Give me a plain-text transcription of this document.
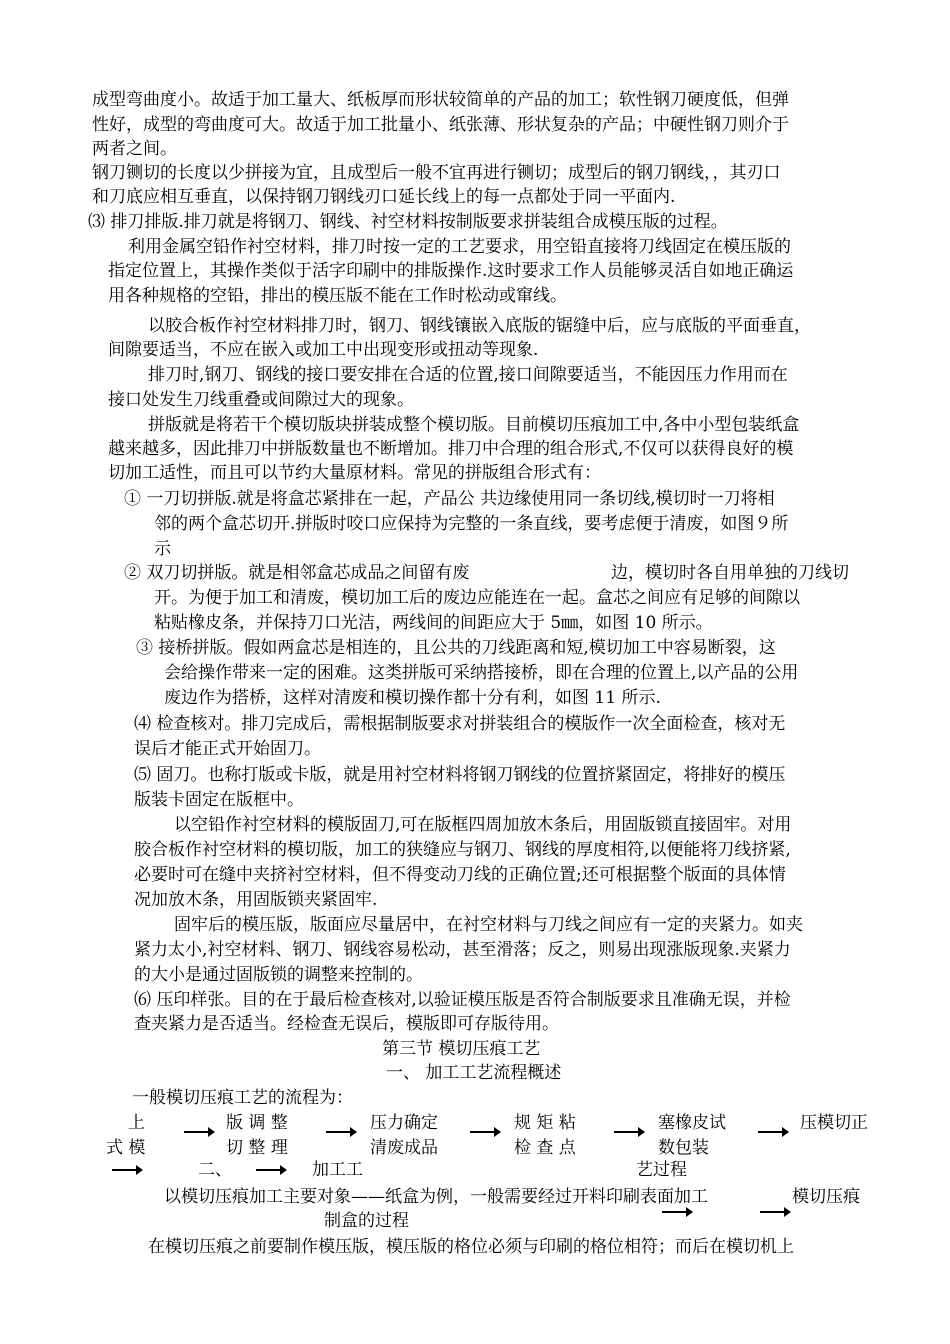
成型弯曲度小。故适于加工量大、纸板厚而形状较简单的产品的加工；软性钢刀硬度低，但弹
性好，成型的弯曲度可大。故适于加工批量小、纸张薄、形状复杂的产品；中硬性钢刀则介于
两者之间。
钢刀铡切的长度以少拼接为宜，且成型后一般不宜再进行铡切；成型后的钢刀钢线，，其刃口
和刀底应相互垂直，以保持钢刀钢线刃口延长线上的每一点都处于同一平面内.
⑶ 排刀排版.排刀就是将钢刀、钢线、衬空材料按制版要求拼装组合成模压版的过程。
利用金属空铅作衬空材料，排刀时按一定的工艺要求，用空铅直接将刀线固定在模压版的
指定位置上，其操作类似于活字印刷中的排版操作.这时要求工作人员能够灵活自如地正确运
用各种规格的空铅，排出的模压版不能在工作时松动或窜线。
以胶合板作衬空材料排刀时，钢刀、钢线镶嵌入底版的锯缝中后，应与底版的平面垂直，
间隙要适当，不应在嵌入或加工中出现变形或扭动等现象.
排刀时,钢刀、钢线的接口要安排在合适的位置,接口间隙要适当，不能因压力作用而在
接口处发生刀线重叠或间隙过大的现象。
拼版就是将若干个模切版块拼装成整个模切版。目前模切压痕加工中,各中小型包装纸盒
越来越多，因此排刀中拼版数量也不断增加。排刀中合理的组合形式,不仅可以获得良好的模
切加工适性，而且可以节约大量原材料。常见的拼版组合形式有：
① 一刀切拼版.就是将盒芯紧排在一起，产品公 共边缘使用同一条切线,模切时一刀将相
邻的两个盒芯切开.拼版时咬口应保持为完整的一条直线，要考虑便于清废，如图９所
示
② 双刀切拼版。就是相邻盒芯成品之间留有废	边，模切时各自用单独的刀线切
开。为便于加工和清废，模切加工后的废边应能连在一起。盒芯之间应有足够的间隙以
粘贴橡皮条，并保持刀口光洁，两线间的间距应大于 5㎜，如图 10 所示。
③ 接桥拼版。假如两盒芯是相连的，且公共的刀线距离和短,模切加工中容易断裂，这
会给操作带来一定的困难。这类拼版可采纳搭接桥，即在合理的位置上,以产品的公用
废边作为搭桥，这样对清废和模切操作都十分有利，如图 11 所示.
⑷ 检查核对。排刀完成后，需根据制版要求对拼装组合的模版作一次全面检查，核对无
误后才能正式开始固刀。
⑸ 固刀。也称打版或卡版，就是用衬空材料将钢刀钢线的位置挤紧固定，将排好的模压
版装卡固定在版框中。
以空铅作衬空材料的模版固刀,可在版框四周加放木条后，用固版锁直接固牢。对用
胶合板作衬空材料的模切版，加工的狭缝应与钢刀、钢线的厚度相符,以便能将刀线挤紧,
必要时可在缝中夹挤衬空材料，但不得变动刀线的正确位置;还可根据整个版面的具体情
况加放木条，用固版锁夹紧固牢.
固牢后的模压版，版面应尽量居中，在衬空材料与刀线之间应有一定的夹紧力。如夹
紧力太小,衬空材料、钢刀、钢线容易松动，甚至滑落；反之，则易出现涨版现象.夹紧力
的大小是通过固版锁的调整来控制的。
⑹ 压印样张。目的在于最后检查核对,以验证模压版是否符合制版要求且准确无误，并检
查夹紧力是否适当。经检查无误后，模版即可存版待用。
第三节 模切压痕工艺
一、 加工工艺流程概述
一般模切压痕工艺的流程为：
上
式 模
版 调 整
切 整 理
压力确定
清废成品
规 矩 粘
检 查 点
塞橡皮试
数包装
压模切正
二、	加工工	艺过程
以模切压痕加工主要对象——纸盒为例，一般需要经过开料印刷表面加工	模切压痕
制盒的过程
在模切压痕之前要制作模压版，模压版的格位必须与印刷的格位相符；而后在模切机上
